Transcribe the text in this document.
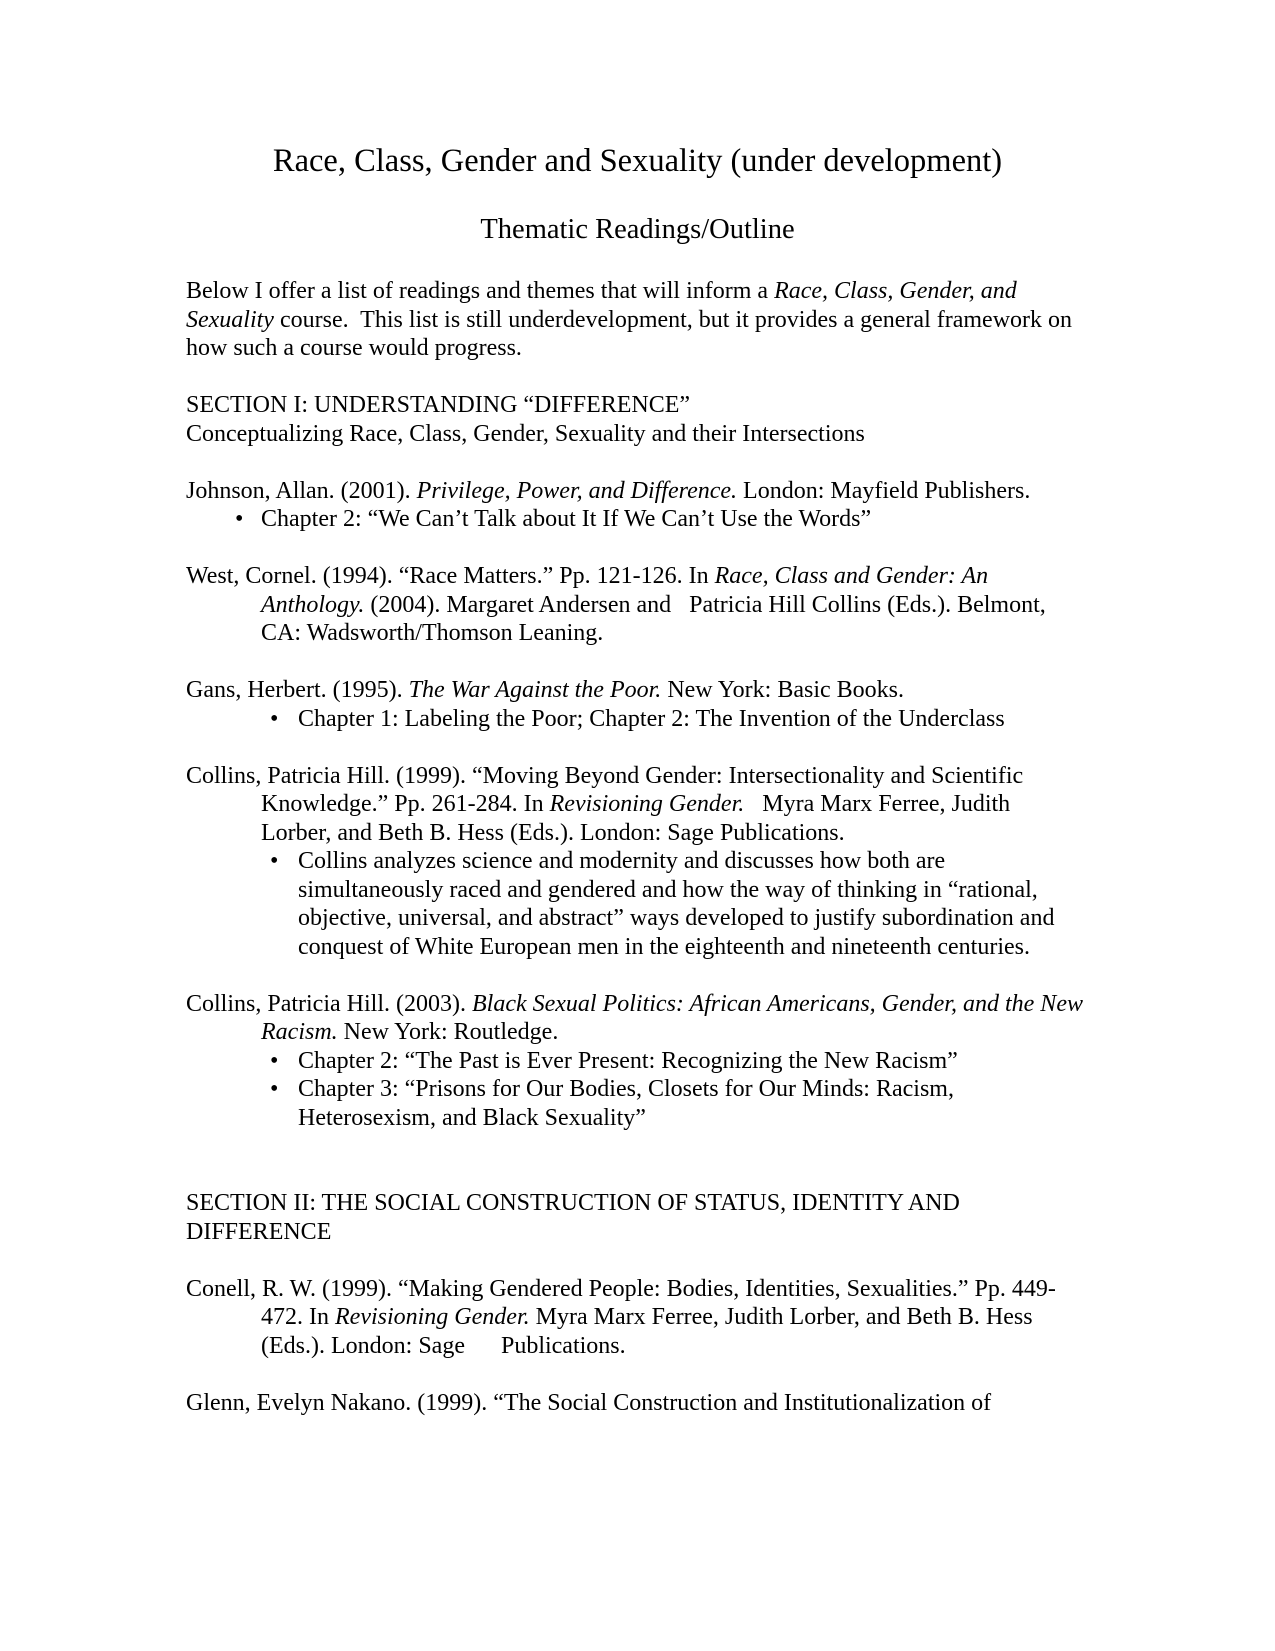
Race, Class, Gender and Sexuality (under development)
Thematic Readings/Outline
Below I offer a list of readings and themes that will inform a Race, Class, Gender, and Sexuality course.  This list is still underdevelopment, but it provides a general framework on how such a course would progress.
SECTION I: UNDERSTANDING “DIFFERENCE”
Conceptualizing Race, Class, Gender, Sexuality and their Intersections
Johnson, Allan. (2001). Privilege, Power, and Difference. London: Mayfield Publishers.
• Chapter 2: “We Can’t Talk about It If We Can’t Use the Words”
West, Cornel. (1994). “Race Matters.” Pp. 121-126. In Race, Class and Gender: An Anthology. (2004). Margaret Andersen and   Patricia Hill Collins (Eds.). Belmont, CA: Wadsworth/Thomson Leaning.
Gans, Herbert. (1995). The War Against the Poor. New York: Basic Books.
• Chapter 1: Labeling the Poor; Chapter 2: The Invention of the Underclass
Collins, Patricia Hill. (1999). “Moving Beyond Gender: Intersectionality and Scientific Knowledge.” Pp. 261-284. In Revisioning Gender.   Myra Marx Ferree, Judith Lorber, and Beth B. Hess (Eds.). London: Sage Publications.
• Collins analyzes science and modernity and discusses how both are simultaneously raced and gendered and how the way of thinking in “rational, objective, universal, and abstract” ways developed to justify subordination and conquest of White European men in the eighteenth and nineteenth centuries.
Collins, Patricia Hill. (2003). Black Sexual Politics: African Americans, Gender, and the New Racism. New York: Routledge.
• Chapter 2: “The Past is Ever Present: Recognizing the New Racism”
• Chapter 3: “Prisons for Our Bodies, Closets for Our Minds: Racism, Heterosexism, and Black Sexuality”
SECTION II: THE SOCIAL CONSTRUCTION OF STATUS, IDENTITY AND DIFFERENCE
Conell, R. W. (1999). “Making Gendered People: Bodies, Identities, Sexualities.” Pp. 449-472. In Revisioning Gender. Myra Marx Ferree, Judith Lorber, and Beth B. Hess (Eds.). London: Sage      Publications.
Glenn, Evelyn Nakano. (1999). “The Social Construction and Institutionalization of
